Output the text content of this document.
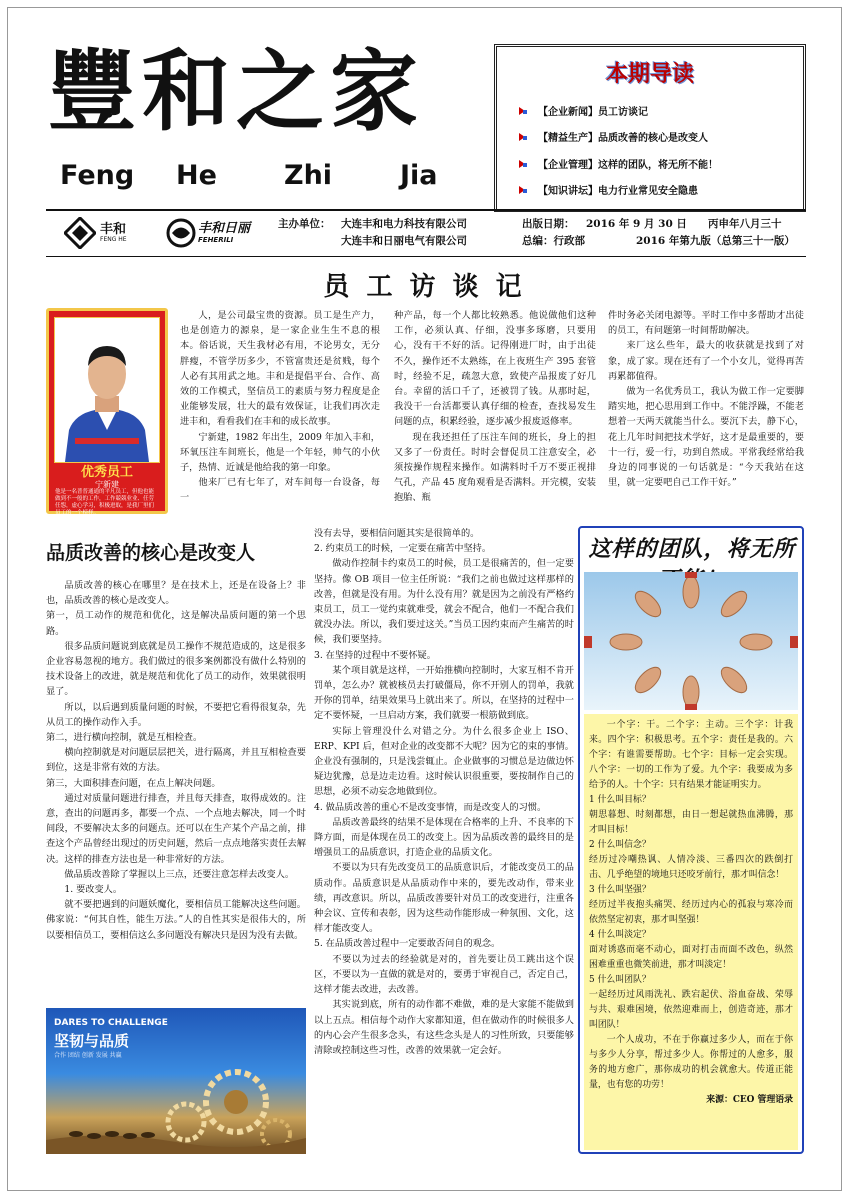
豐和之家
Feng He Zhi	Jia
本期导读
【企业新闻】员工访谈记
【精益生产】品质改善的核心是改变人
【企业管理】这样的团队，将无所不能！
【知识讲坛】电力行业常见安全隐患
丰和
FENG HE
丰和日丽
FEHERILI
主办单位： 大连丰和电力科技有限公司
大连丰和日丽电气有限公司
出版日期： 2016 年 9 月 30 日 丙申年八月三十
总编：行政部	2016 年第九版（总第三十一版）
员 工 访 谈 记
优秀员工
宁新建
他是一名普普通通的平凡员工，但他也能做到不一般的工作，工作兢兢业业、任劳任怨，虚心学习，积极进取，是我厂里们员工的一个榜样。

人，是公司最宝贵的资源。员工是生产力，也是创造力的源泉，是一家企业生生不息的根本。俗话说，天生我材必有用，不论男女，无分胖瘦，不管学历多少，不管富贵还是贫贱，每个人必有其用武之地。丰和是提倡平台、合作、高效的工作模式，坚信员工的素质与努力程度是企业能够发展，壮大的最有效保证，让我们再次走进丰和，看看我们在丰和的成长故事。

宁新建，1982 年出生，2009 年加入丰和，环氧压注车间班长，他是一个年轻，帅气的小伙子，热情、近诚是他给我的第一印象。

他来厂已有七年了，对车间每一台设备，每一

种产品，每一个人都比较熟悉。他说做他们这种工作，必须认真、仔细，没事多琢磨，只要用心，没有干不好的活。记得刚进厂时，由于出徒不久，操作还不太熟练，在上夜班生产 395 套管时，经验不足，疏忽大意，致使产品报废了好几台。幸留的活口千了，还被罚了钱。从那时起，我没干一台活都要认真仔细的检查，查找易发生问题的点，积累经验，逐步减少报废返修率。

现在我还担任了压注车间的班长，身上的担又多了一份责任。时时会督促员工注意安全，必须按操作规程来操作。如满料时千万不要正视排气孔，产品 45 度角观看是否满料。开完模，安装抱胎、瓶

件时务必关闭电源等。平时工作中多帮助才出徒的员工，有问题第一时间帮助解决。

来厂这么些年，最大的收获就是找到了对象，成了家。现在还有了一个小女儿，觉得再苦再累都值得。

做为一名优秀员工，我认为做工作一定要脚踏实地，把心思用到工作中。不能浮躁，不能老想着一天两天就能当什么。要沉下去，静下心，花上几年时间把技术学好，这才是最重要的，要十一行，爱一行，功到自然成。平常我经常给我身边的同事说的一句话就是：“今天我站在这里，就一定要吧自己工作干好。”

品质改善的核心是改变人

品质改善的核心在哪里？是在技术上，还是在设备上？非也，品质改善的核心是改变人。

第一，员工动作的规范和优化，这是解决品质问题的第一个思路。

很多品质问题说到底就是员工操作不规范造成的，这是很多企业容易忽视的地方。我们做过的很多案例都没有做什么特别的技术设备上的改进，就是规范和优化了员工的动作，效果就很明显了。

所以，以后遇到质量问题的时候，不要把它看得很复杂，先从员工的操作动作入手。

第二，进行横向控制，就是互相检查。

横向控制就是对问题层层把关，进行隔离，并且互相检查要到位，这是非常有效的方法。

第三，大面积排查问题，在点上解决问题。

通过对质量问题进行排查，并且每天排查，取得成效的。注意，查出的问题再多，都要一个点、一个点地去解决，同一个时间段，不要解决太多的问题点。还可以在生产某个产品之前，排查这个产品曾经出现过的历史问题，然后一点点地落实责任去解决。这样的排查方法也是一种非常好的方法。

做品质改善除了掌握以上三点，还要注意怎样去改变人。

1. 要改变人。

就不要把遇到的问题妖魔化，要相信员工能解决这些问题。佛家说：“何其自性，能生万法。”人的自性其实是很伟大的，所以要相信员工，要相信这么多问题没有解决只是因为没有去做。

DARES TO CHALLENGE
坚韧与品质
合作 团结 创新 发展 共赢

没有去导，要相信问题其实是很简单的。

2. 约束员工的时候，一定要在痛苦中坚持。

做动作控制卡约束员工的时候，员工是很痛苦的，但一定要坚持。像 OB 项目一位主任所说：“我们之前也做过这样那样的改善，但就是没有用。为什么没有用？就是因为之前没有严格约束员工，员工一觉约束就难受，就会不配合，他们一不配合我们就没办法。所以，我们要过这关。”当员工因约束而产生痛苦的时候，我们要坚持。

3. 在坚持的过程中不要怀疑。

某个项目就是这样，一开始推横向控制时，大家互相不肯开罚单，怎么办？就被核员去打破僵局，你不开别人的罚单，我就开你的罚单，结果效果马上就出来了。所以，在坚持的过程中一定不要怀疑，一旦启动方案，我们就要一根筋做到底。

实际上管理没什么对错之分。为什么很多企业上 ISO、ERP、KPI 后，但对企业的改变都不大呢？因为它的束的事情。企业没有强制的，只是浅尝辄止。企业做事的习惯总是边做边怀疑边犹豫，总是边走边看。这时候认识很重要，要按制作自己的思想，必须不动妄念地做到位。

4. 做品质改善的重心不是改变事情，而是改变人的习惯。

品质改善最终的结果不是体现在合格率的上升、不良率的下降方面，而是体现在员工的改变上。因为品质改善的最终目的是增强员工的品质意识，打造企业的品质文化。

不要以为只有先改变员工的品质意识后，才能改变员工的品质动作。品质意识是从品质动作中来的，要先改动作，带来业绩，再改意识。所以，品质改善要针对员工的改变进行，注重各种会议、宣传和表彰，因为这些动作能形成一种氛围、文化，这样才能改变人。

5. 在品质改善过程中一定要敢否问自的观念。

不要以为过去的经验就是对的，首先要让员工跳出这个误区，不要以为一直做的就是对的，要勇于审视自己，否定自己，这样才能去改进，去改善。

其实说到底，所有的动作都不难做，难的是大家能不能做到以上五点。相信每个动作大家都知道，但在做动作的时候很多人的内心会产生很多念头，有这些念头是人的习性所致，只要能够清除或控制这些习性，改善的效果就一定会好。

这样的团队，将无所

一个字：干。二个字：主动。三个字：计我来。四个字：积极思考。五个字：责任是我的。六个字：有谁需要帮助。七个字：目标一定会实现。八个字：一切的工作为了爱。九个字：我要成为多给予的人。十个字：只有结果才能证明实力。

1 什么叫目标？

朝思暮想、时刻都想，由日一想起就热血沸腾，那才叫目标！

2 什么叫信念？

经历过冷嘲热讽、人情冷淡、三番四次的跌倒打击、几乎绝望的境地只还咬牙前行，那才叫信念！

3 什么叫坚强？

经历过半夜抱头痛哭、经历过内心的孤寂与寒冷而依然坚定初衷，那才叫坚强！

4 什么叫淡定？

面对诱惑而毫不动心，面对打击而面不改色，纵然困难重重也微笑前进，那才叫淡定！

5 什么叫团队？

一起经历过风雨洗礼、跌宕起伏、浴血奋战、荣辱与共、艰难困境，依然迎难而上，创造奇迹，那才叫团队！

一个人成功，不在于你赢过多少人，而在于你与多少人分享，帮过多少人。你帮过的人愈多，服务的地方愈广，那你成功的机会就愈大。传道正能量，也有您的功劳！

来源：CEO 管理语录
